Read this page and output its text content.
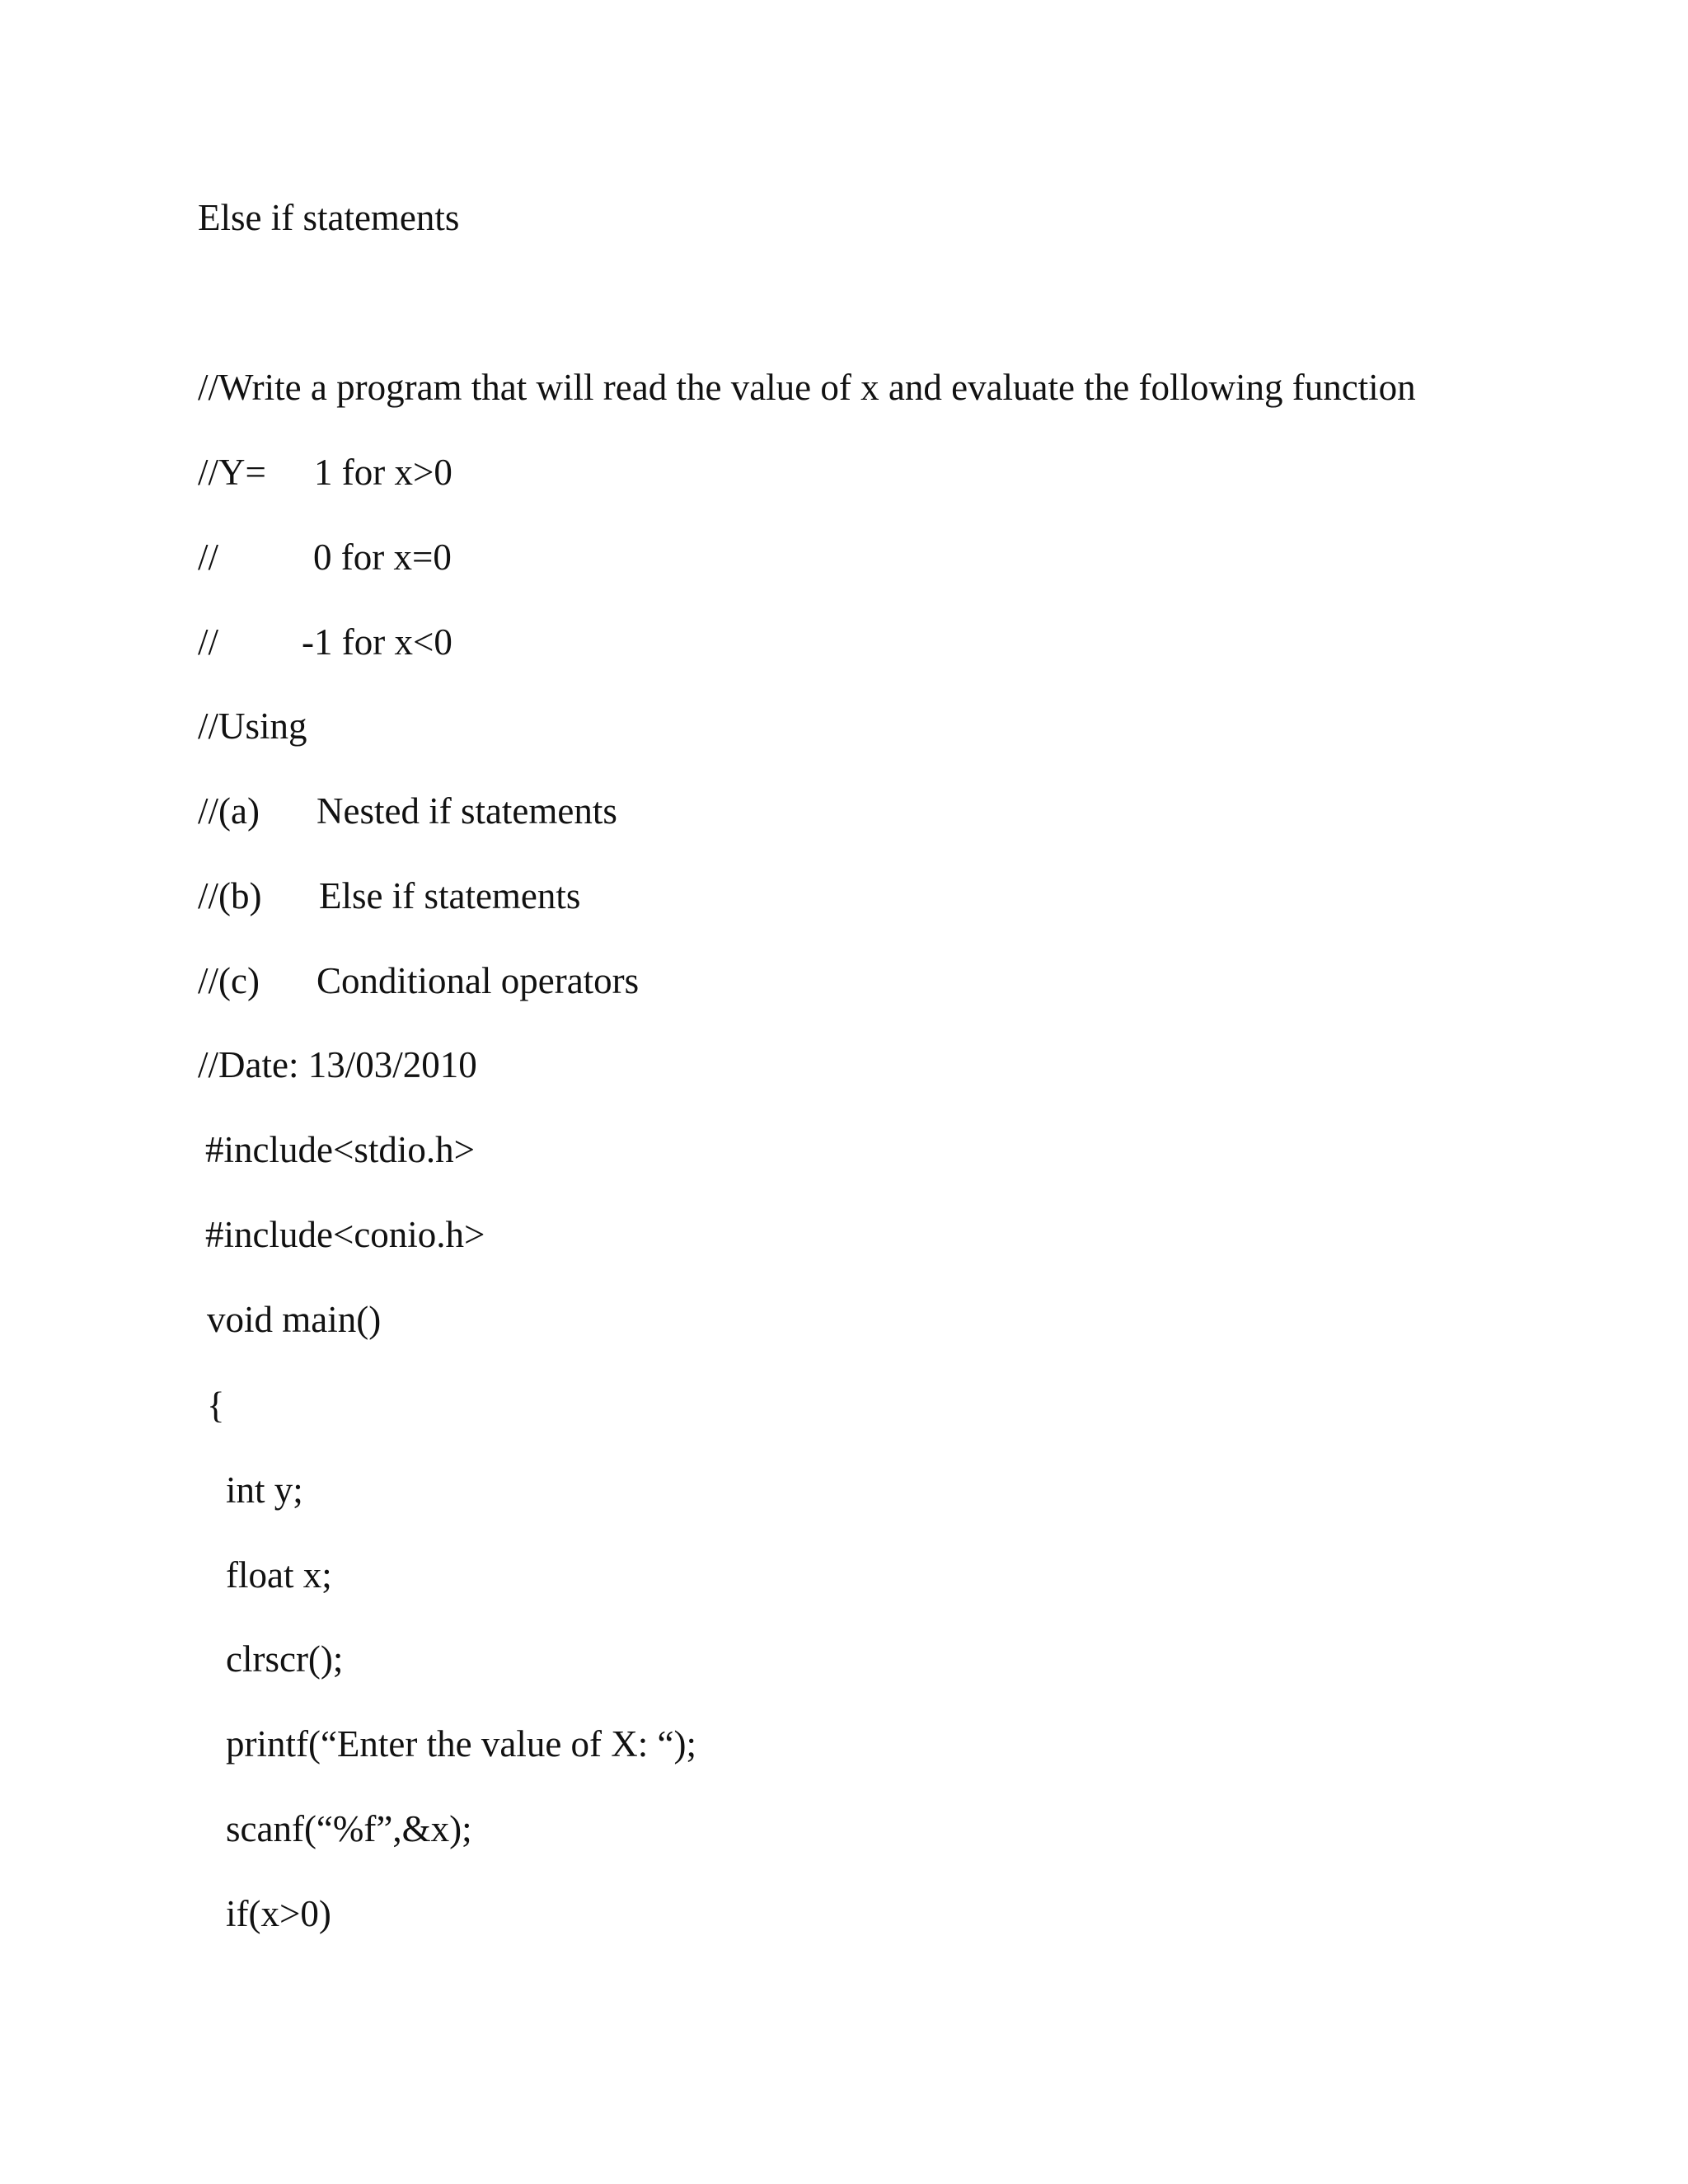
Else if statements
//Write a program that will read the value of x and evaluate the following function
//Y= 1 for x>0
//	0 for x=0
// -1 for x<0
//Using
//(a) Nested if statements
//(b) Else if statements
//(c) Conditional operators
//Date: 13/03/2010
#include<stdio.h>
#include<conio.h>
void main()
{
int y;
float x;
clrscr();
printf(“Enter the value of X: “);
scanf(“%f”,&x);
if(x>0)
